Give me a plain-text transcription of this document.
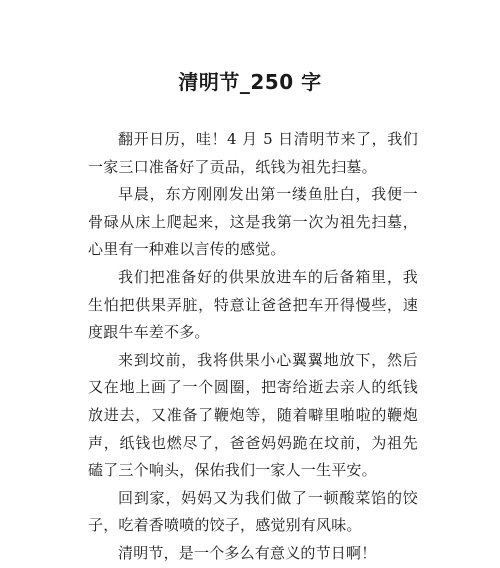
清明节_250 字

翻开日历，哇！4 月 5 日清明节来了，我们一家三口准备好了贡品，纸钱为祖先扫墓。

早晨，东方刚刚发出第一缕鱼肚白，我便一骨碌从床上爬起来，这是我第一次为祖先扫墓，心里有一种难以言传的感觉。

我们把准备好的供果放进车的后备箱里，我生怕把供果弄脏，特意让爸爸把车开得慢些，速度跟牛车差不多。

来到坟前，我将供果小心翼翼地放下，然后又在地上画了一个圆圈，把寄给逝去亲人的纸钱放进去，又准备了鞭炮等，随着噼里啪啦的鞭炮声，纸钱也燃尽了，爸爸妈妈跪在坟前，为祖先磕了三个响头，保佑我们一家人一生平安。

回到家，妈妈又为我们做了一顿酸菜馅的饺子，吃着香喷喷的饺子，感觉别有风味。

清明节，是一个多么有意义的节日啊！
